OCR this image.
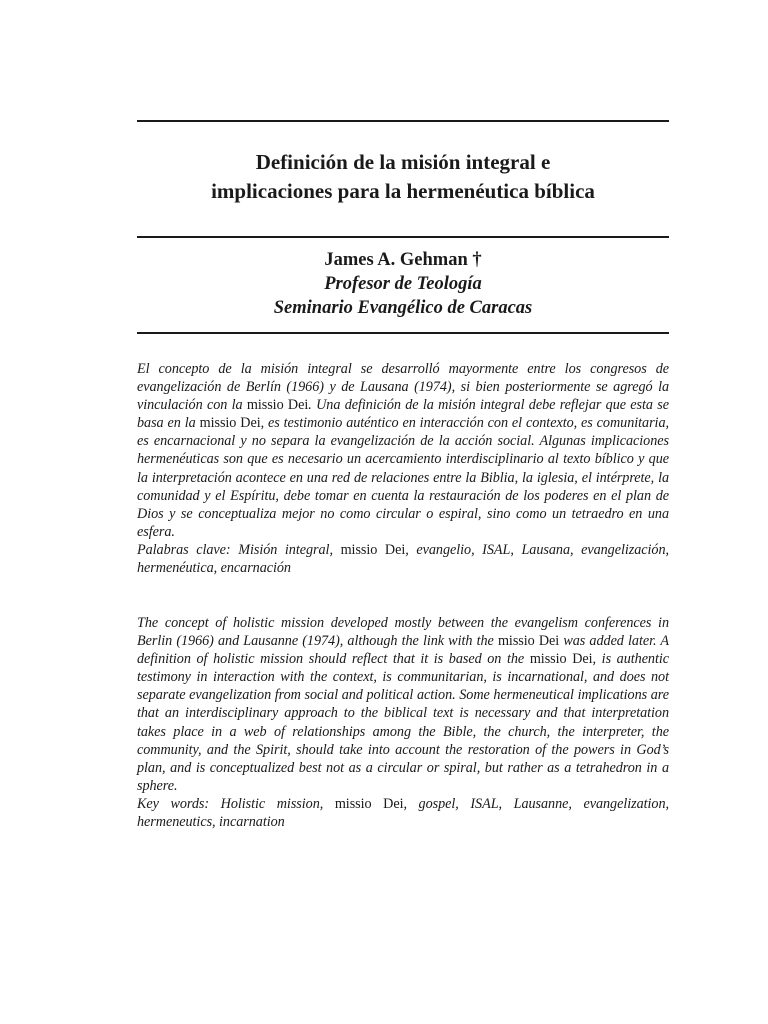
Definición de la misión integral e
implicaciones para la hermenéutica bíblica
James A. Gehman †
Profesor de Teología
Seminario Evangélico de Caracas

El concepto de la misión integral se desarrolló mayormente entre los congresos de evangelización de Berlín (1966) y de Lausana (1974), si bien posteriormente se agregó la vinculación con la missio Dei. Una definición de la misión integral debe reflejar que esta se basa en la missio Dei, es testimonio auténtico en interacción con el contexto, es comunitaria, es encarnacional y no separa la evangelización de la acción social. Algunas implicaciones hermenéuticas son que es necesario un acercamiento interdisciplinario al texto bíblico y que la interpretación acontece en una red de relaciones entre la Biblia, la iglesia, el intérprete, la comunidad y el Espíritu, debe tomar en cuenta la restauración de los poderes en el plan de Dios y se conceptualiza mejor no como circular o espiral, sino como un tetraedro en una esfera.

Palabras clave: Misión integral, missio Dei, evangelio, ISAL, Lausana, evangelización, hermenéutica, encarnación

The concept of holistic mission developed mostly between the evangelism conferences in Berlin (1966) and Lausanne (1974), although the link with the missio Dei was added later. A definition of holistic mission should reflect that it is based on the missio Dei, is authentic testimony in interaction with the context, is communitarian, is incarnational, and does not separate evangelization from social and political action. Some hermeneutical implications are that an interdisciplinary approach to the biblical text is necessary and that interpretation takes place in a web of relationships among the Bible, the church, the interpreter, the community, and the Spirit, should take into account the restoration of the powers in God’s plan, and is conceptualized best not as a circular or spiral, but rather as a tetrahedron in a sphere.

Key words: Holistic mission, missio Dei, gospel, ISAL, Lausanne, evangelization, hermeneutics, incarnation
